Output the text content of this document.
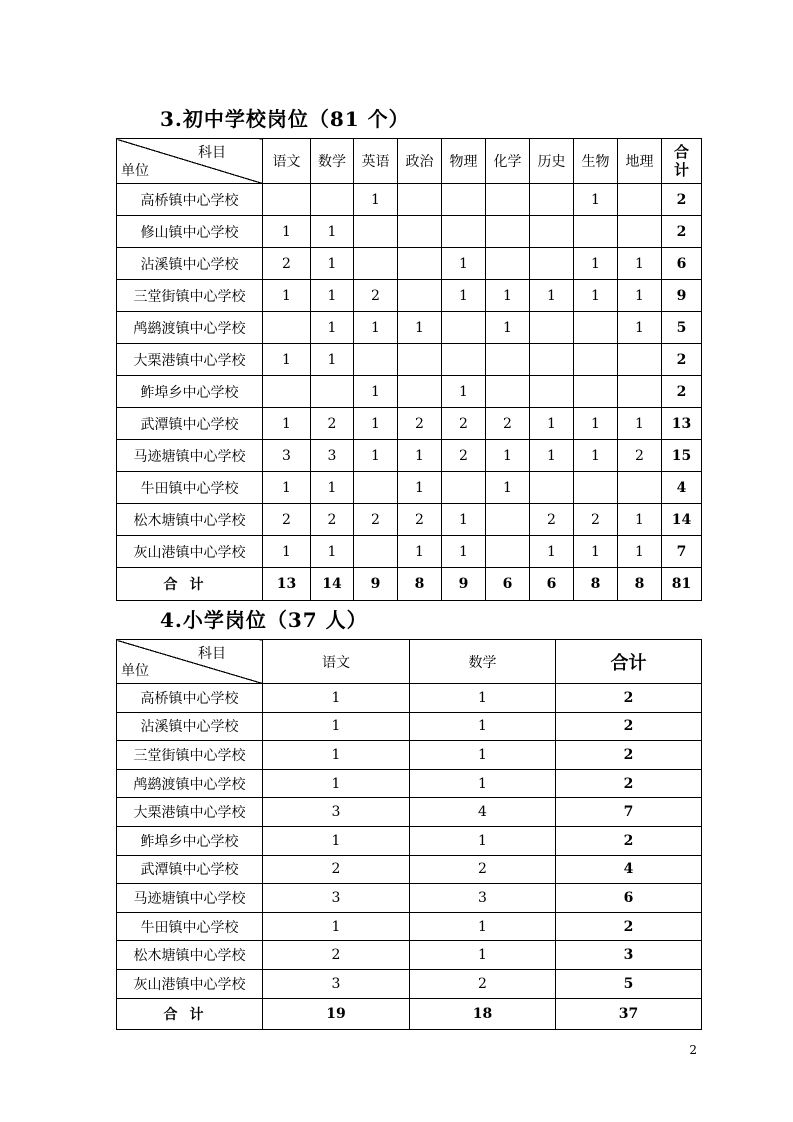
3.初中学校岗位（81 个）
科目
单位	语文	数学	英语	政治	物理	化学	历史	生物	地理	合
计
高桥镇中心学校			1					1		2
修山镇中心学校	1	1								2
沾溪镇中心学校	2	1			1			1	1	6
三堂街镇中心学校	1	1	2		1	1	1	1	1	9
鸬鹚渡镇中心学校		1	1	1		1			1	5
大栗港镇中心学校	1	1								2
鲊埠乡中心学校			1		1					2
武潭镇中心学校	1	2	1	2	2	2	1	1	1	13
马迹塘镇中心学校	3	3	1	1	2	1	1	1	2	15
牛田镇中心学校	1	1		1		1				4
松木塘镇中心学校	2	2	2	2	1		2	2	1	14
灰山港镇中心学校	1	1		1	1		1	1	1	7
合计	13	14	9	8	9	6	6	8	8	81
4.小学岗位（37 人）
科目
单位	语文	数学	合计
高桥镇中心学校	1	1	2
沾溪镇中心学校	1	1	2
三堂街镇中心学校	1	1	2
鸬鹚渡镇中心学校	1	1	2
大栗港镇中心学校	3	4	7
鲊埠乡中心学校	1	1	2
武潭镇中心学校	2	2	4
马迹塘镇中心学校	3	3	6
牛田镇中心学校	1	1	2
松木塘镇中心学校	2	1	3
灰山港镇中心学校	3	2	5
合计	19	18	37
2
